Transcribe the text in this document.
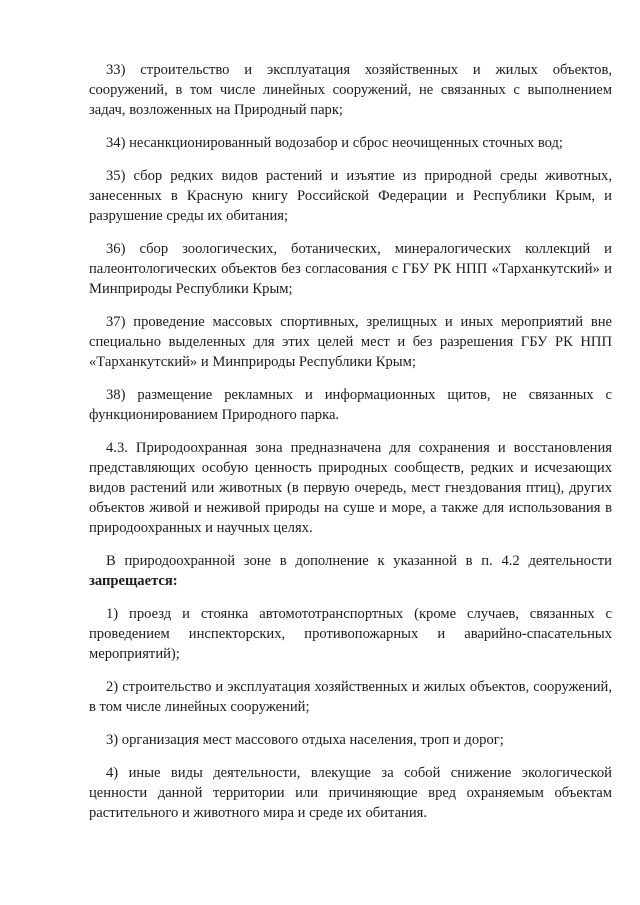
33) строительство и эксплуатация хозяйственных и жилых объектов, сооружений, в том числе линейных сооружений, не связанных с выполнением задач, возложенных на Природный парк;

34) несанкционированный водозабор и сброс неочищенных сточных вод;

35) сбор редких видов растений и изъятие из природной среды животных, занесенных в Красную книгу Российской Федерации и Республики Крым, и разрушение среды их обитания;

36) сбор зоологических, ботанических, минералогических коллекций и палеонтологических объектов без согласования с ГБУ РК НПП «Тарханкутский» и Минприроды Республики Крым;

37) проведение массовых спортивных, зрелищных и иных мероприятий вне специально выделенных для этих целей мест и без разрешения ГБУ РК НПП «Тарханкутский» и Минприроды Республики Крым;

38) размещение рекламных и информационных щитов, не связанных с функционированием Природного парка.

4.3. Природоохранная зона предназначена для сохранения и восстановления представляющих особую ценность природных сообществ, редких и исчезающих видов растений или животных (в первую очередь, мест гнездования птиц), других объектов живой и неживой природы на суше и море, а также для использования в природоохранных и научных целях.

В природоохранной зоне в дополнение к указанной в п. 4.2 деятельности запрещается:

1) проезд и стоянка автомототранспортных (кроме случаев, связанных с проведением инспекторских, противопожарных и аварийно-спасательных мероприятий);

2) строительство и эксплуатация хозяйственных и жилых объектов, сооружений, в том числе линейных сооружений;

3) организация мест массового отдыха населения, троп и дорог;

4) иные виды деятельности, влекущие за собой снижение экологической ценности данной территории или причиняющие вред охраняемым объектам растительного и животного мира и среде их обитания.
